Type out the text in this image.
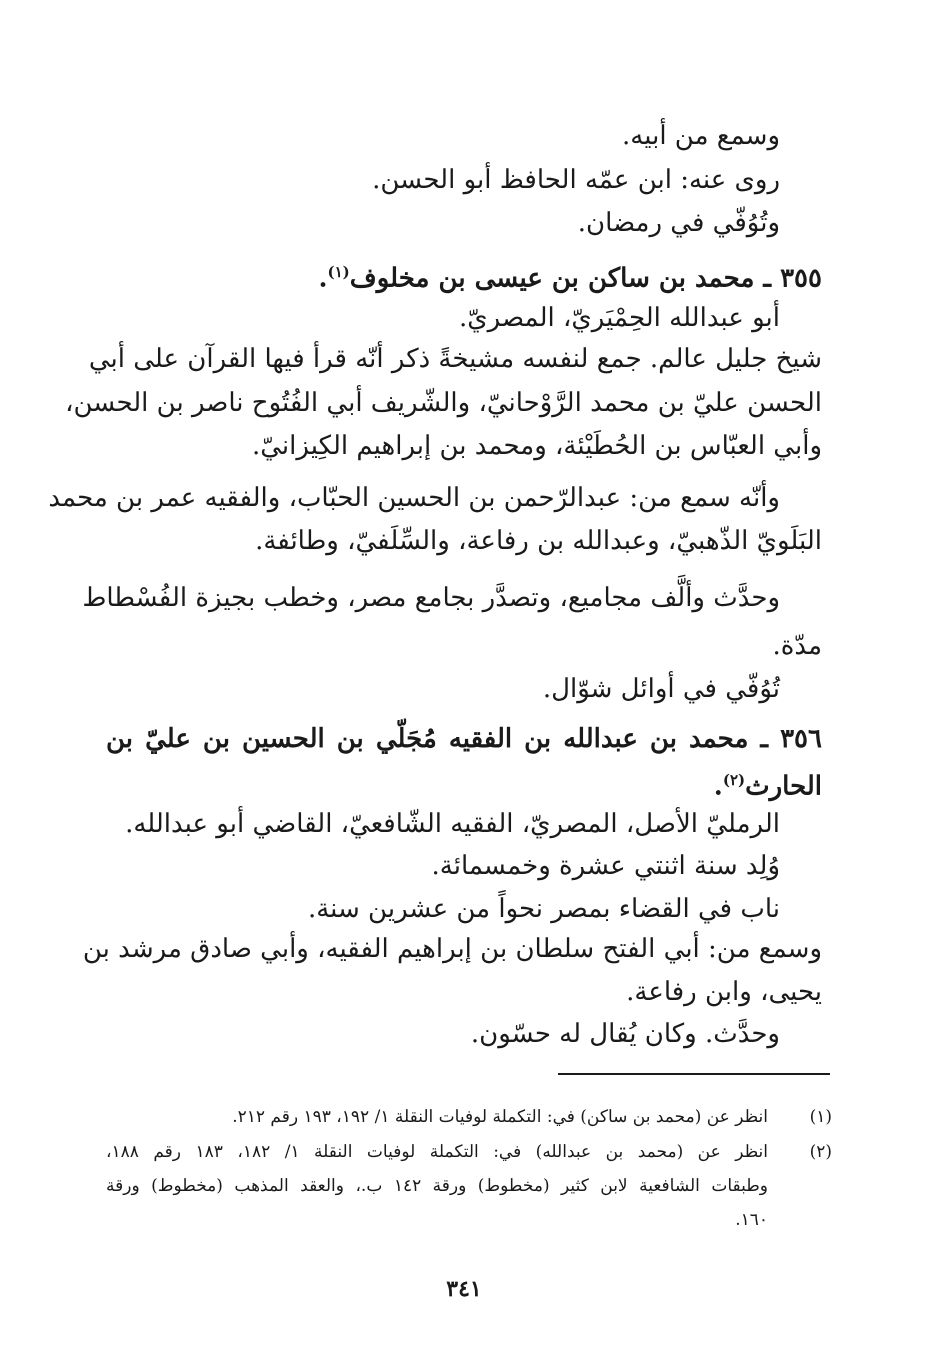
وسمع من أبيه.

روى عنه: ابن عمّه الحافظ أبو الحسن.

وتُوُفّي في رمضان.

٣٥٥ ـ محمد بن ساكن بن عيسى بن مخلوف$^{(١)}$.

أبو عبدالله الحِمْيَريّ، المصريّ.

شيخ جليل عالم. جمع لنفسه مشيخةً ذكر أنّه قرأ فيها القرآن على أبي

الحسن عليّ بن محمد الرَّوْحانيّ، والشّريف أبي الفُتُوح ناصر بن الحسن،

وأبي العبّاس بن الحُطَيْئة، ومحمد بن إبراهيم الكِيزانيّ.

وأنّه سمع من: عبدالرّحمن بن الحسين الحبّاب، والفقيه عمر بن محمد

البَلَويّ الذّهبيّ، وعبدالله بن رفاعة، والسِّلَفيّ، وطائفة.

وحدَّث وألَّف مجاميع، وتصدَّر بجامع مصر، وخطب بجيزة الفُسْطاط

مدّة.

تُوُفّي في أوائل شوّال.

٣٥٦ ـ محمد بن عبدالله بن الفقيه مُجَلّي بن الحسين بن عليّ بن

الحارث$^{(٢)}$.

الرمليّ الأصل، المصريّ، الفقيه الشّافعيّ، القاضي أبو عبدالله.

وُلِد سنة اثنتي عشرة وخمسمائة.

ناب في القضاء بمصر نحواً من عشرين سنة.

وسمع من: أبي الفتح سلطان بن إبراهيم الفقيه، وأبي صادق مرشد بن

يحيى، وابن رفاعة.

وحدَّث. وكان يُقال له حسّون.

(١)
انظر عن (محمد بن ساكن) في: التكملة لوفيات النقلة ١/ ١٩٢، ١٩٣ رقم ٢١٢.
(٢)
انظر عن (محمد بن عبدالله) في: التكملة لوفيات النقلة ١/ ١٨٢، ١٨٣ رقم ١٨٨،
وطبقات الشافعية لابن كثير (مخطوط) ورقة ١٤٢ ب.، والعقد المذهب (مخطوط) ورقة
١٦٠.
٣٤١
